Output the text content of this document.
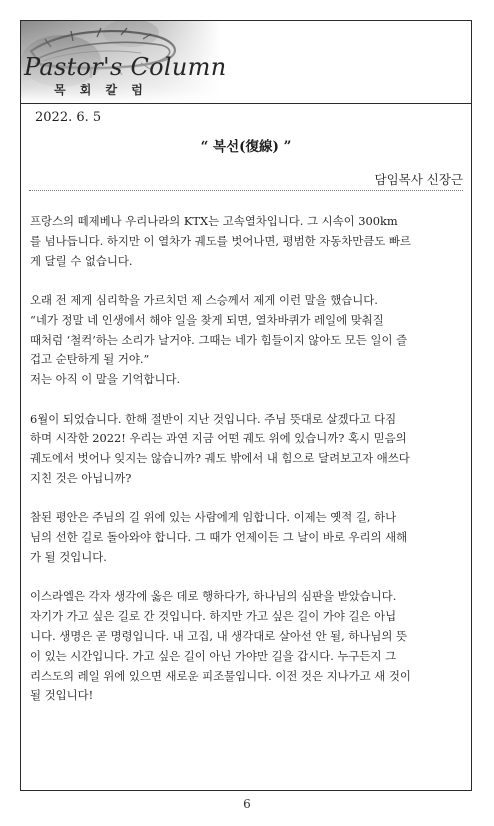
Pastor's Column
목 회 칼 럼
2022. 6. 5
“ 복선(復線) ”
담임목사 신장근
프랑스의 떼제베나 우리나라의 KTX는 고속열차입니다. 그 시속이 300km
를 넘나듭니다. 하지만 이 열차가 궤도를 벗어나면, 평범한 자동차만큼도 빠르
게 달릴 수 없습니다.
오래 전 제게 심리학을 가르치던 제 스승께서 제게 이런 말을 했습니다.
“네가 정말 네 인생에서 해야 일을 찾게 되면, 열차바퀴가 레일에 맞춰질
때처럼 ‘철컥’하는 소리가 날거야. 그때는 네가 힘들이지 않아도 모든 일이 즐
겁고 순탄하게 될 거야.”
저는 아직 이 말을 기억합니다.
6월이 되었습니다. 한해 절반이 지난 것입니다. 주님 뜻대로 살겠다고 다짐
하며 시작한 2022! 우리는 과연 지금 어떤 궤도 위에 있습니까? 혹시 믿음의
궤도에서 벗어나 잊지는 않습니까? 궤도 밖에서 내 힘으로 달려보고자 애쓰다
지친 것은 아닙니까?
참된 평안은 주님의 길 위에 있는 사람에게 임합니다. 이제는 옛적 길, 하나
님의 선한 길로 돌아와야 합니다. 그 때가 언제이든 그 날이 바로 우리의 새해
가 될 것입니다.
이스라엘은 각자 생각에 옳은 데로 행하다가, 하나님의 심판을 받았습니다.
자기가 가고 싶은 길로 간 것입니다. 하지만 가고 싶은 길이 가야 길은 아닙
니다. 생명은 곧 명령입니다. 내 고집, 내 생각대로 살아선 안 될, 하나님의 뜻
이 있는 시간입니다. 가고 싶은 길이 아닌 가야만 길을 갑시다. 누구든지 그
리스도의 레일 위에 있으면 새로운 피조물입니다. 이전 것은 지나가고 새 것이
될 것입니다!
6
